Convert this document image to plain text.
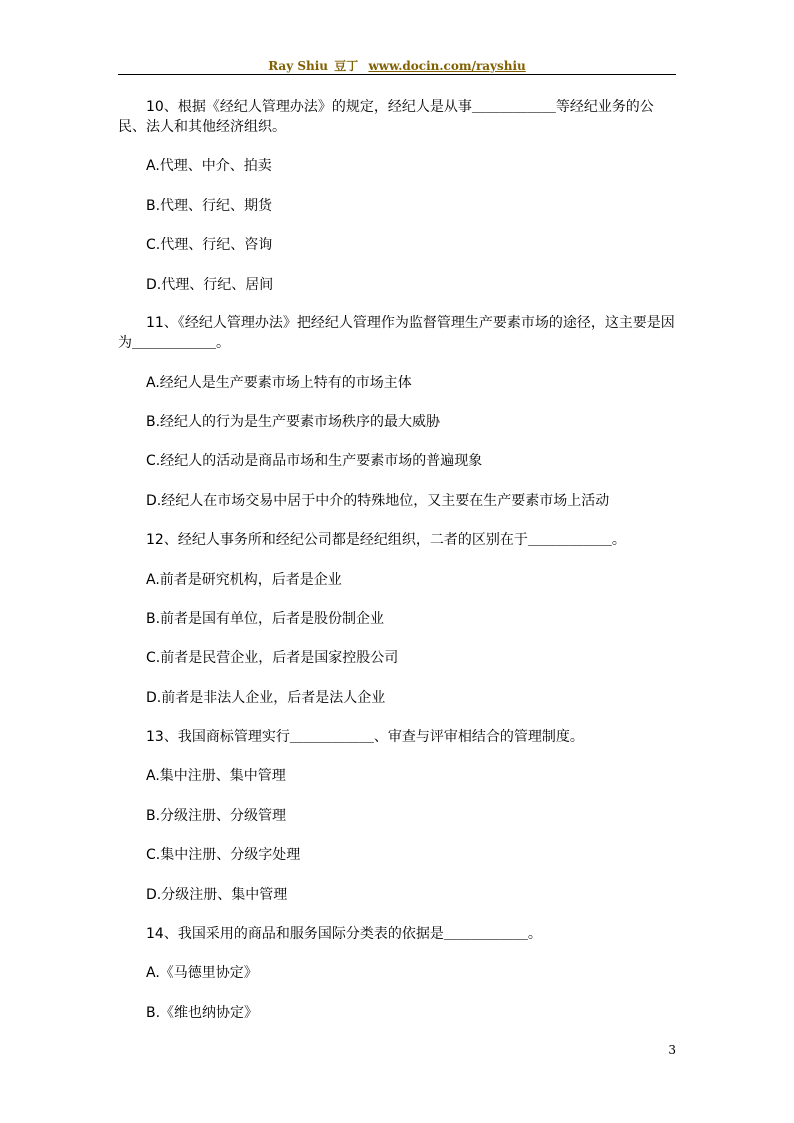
Ray Shiu 豆丁 www.docin.com/rayshiu

10、根据《经纪人管理办法》的规定，经纪人是从事＿＿＿＿＿＿等经纪业务的公民、法人和其他经济组织。

A.代理、中介、拍卖

B.代理、行纪、期货

C.代理、行纪、咨询

D.代理、行纪、居间

11、《经纪人管理办法》把经纪人管理作为监督管理生产要素市场的途径，这主要是因为＿＿＿＿＿＿。

A.经纪人是生产要素市场上特有的市场主体

B.经纪人的行为是生产要素市场秩序的最大威胁

C.经纪人的活动是商品市场和生产要素市场的普遍现象

D.经纪人在市场交易中居于中介的特殊地位，又主要在生产要素市场上活动

12、经纪人事务所和经纪公司都是经纪组织，二者的区别在于＿＿＿＿＿＿。

A.前者是研究机构，后者是企业

B.前者是国有单位，后者是股份制企业

C.前者是民营企业，后者是国家控股公司

D.前者是非法人企业，后者是法人企业

13、我国商标管理实行＿＿＿＿＿＿、审查与评审相结合的管理制度。

A.集中注册、集中管理

B.分级注册、分级管理

C.集中注册、分级字处理

D.分级注册、集中管理

14、我国采用的商品和服务国际分类表的依据是＿＿＿＿＿＿。

A.《马德里协定》

B.《维也纳协定》

3
